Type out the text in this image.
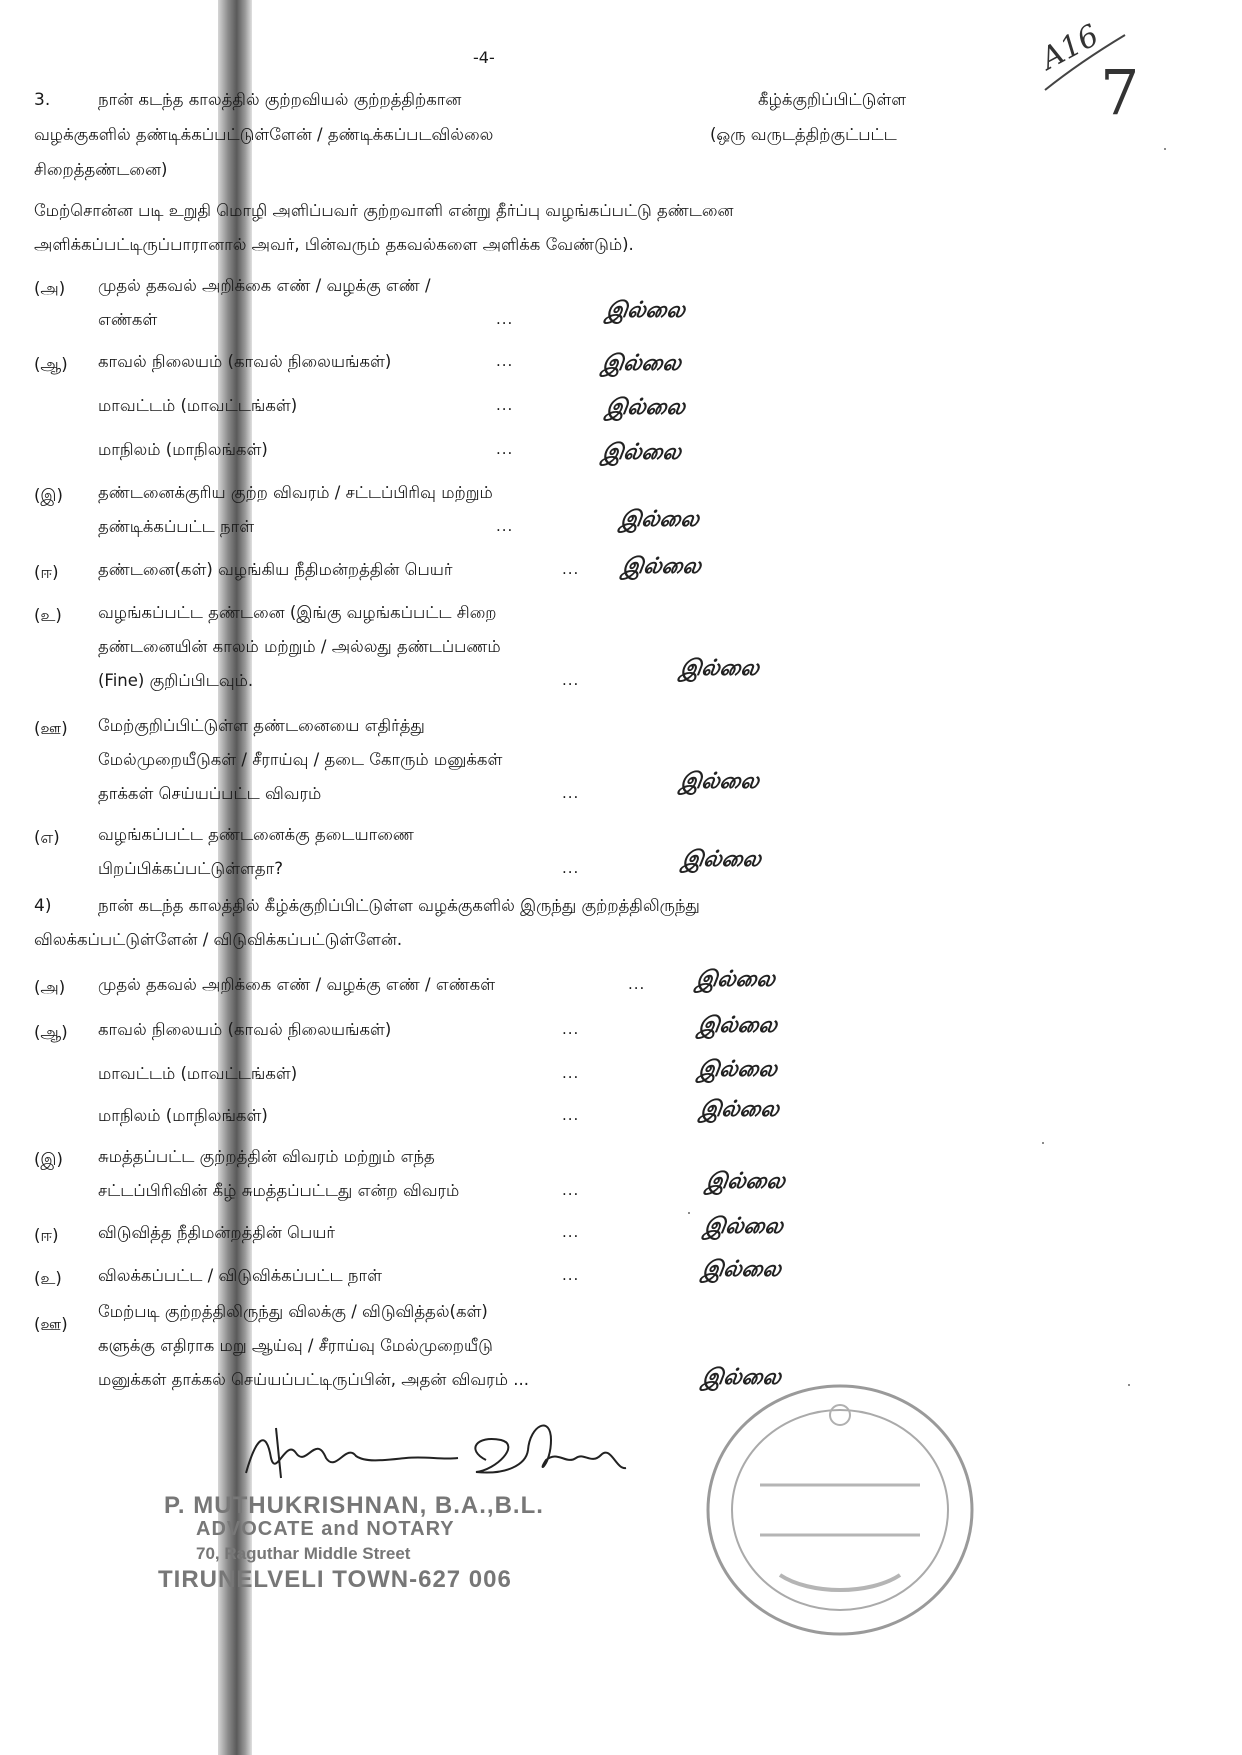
-4-	A16
7
3.	நான் கடந்த காலத்தில் குற்றவியல் குற்றத்திற்கான	கீழ்க்குறிப்பிட்டுள்ள
வழக்குகளில் தண்டிக்கப்பட்டுள்ளேன் / தண்டிக்கப்படவில்லை	(ஒரு வருடத்திற்குட்பட்ட
சிறைத்தண்டனை)
மேற்சொன்ன படி உறுதி மொழி அளிப்பவர் குற்றவாளி என்று தீர்ப்பு வழங்கப்பட்டு தண்டனை
அளிக்கப்பட்டிருப்பாரானால் அவர், பின்வரும் தகவல்களை அளிக்க வேண்டும்).
(அ) முதல் தகவல் அறிக்கை எண் / வழக்கு எண் /
எண்கள்	...	இல்லை
(ஆ) காவல் நிலையம் (காவல் நிலையங்கள்)	...	இல்லை
மாவட்டம் (மாவட்டங்கள்)	...	இல்லை
மாநிலம் (மாநிலங்கள்)	...	இல்லை
(இ) தண்டனைக்குரிய குற்ற விவரம் / சட்டப்பிரிவு மற்றும்
தண்டிக்கப்பட்ட நாள்	...	இல்லை
(ஈ) தண்டனை(கள்) வழங்கிய நீதிமன்றத்தின் பெயர்	... இல்லை
(உ) வழங்கப்பட்ட தண்டனை (இங்கு வழங்கப்பட்ட சிறை
தண்டனையின் காலம் மற்றும் / அல்லது தண்டப்பணம்
(Fine) குறிப்பிடவும்.	...	இல்லை
(ஊ) மேற்குறிப்பிட்டுள்ள தண்டனையை எதிர்த்து
மேல்முறையீடுகள் / சீராய்வு / தடை கோரும் மனுக்கள்
தாக்கள் செய்யப்பட்ட விவரம்	...	இல்லை
(எ) வழங்கப்பட்ட தண்டனைக்கு தடையாணை
பிறப்பிக்கப்பட்டுள்ளதா?	...	இல்லை
4)	நான் கடந்த காலத்தில் கீழ்க்குறிப்பிட்டுள்ள வழக்குகளில் இருந்து குற்றத்திலிருந்து
விலக்கப்பட்டுள்ளேன் / விடுவிக்கப்பட்டுள்ளேன்.
(அ) முதல் தகவல் அறிக்கை எண் / வழக்கு எண் / எண்கள்	... இல்லை
(ஆ) காவல் நிலையம் (காவல் நிலையங்கள்)	...	இல்லை
மாவட்டம் (மாவட்டங்கள்)	...	இல்லை
மாநிலம் (மாநிலங்கள்)	...	இல்லை
(இ) சுமத்தப்பட்ட குற்றத்தின் விவரம் மற்றும் எந்த
சட்டப்பிரிவின் கீழ் சுமத்தப்பட்டது என்ற விவரம்	...	இல்லை
(ஈ) விடுவித்த நீதிமன்றத்தின் பெயர்	...	இல்லை
(உ) விலக்கப்பட்ட / விடுவிக்கப்பட்ட நாள்	...	இல்லை
(ஊ)
மேற்படி குற்றத்திலிருந்து விலக்கு / விடுவித்தல்(கள்)
களுக்கு எதிராக மறு ஆய்வு / சீராய்வு மேல்முறையீடு
மனுக்கள் தாக்கல் செய்யப்பட்டிருப்பின், அதன் விவரம் ...	இல்லை
P. MUTHUKRISHNAN, B.A.,B.L.
ADVOCATE and NOTARY
70, Raguthar Middle Street
TIRUNELVELI TOWN-627 006
